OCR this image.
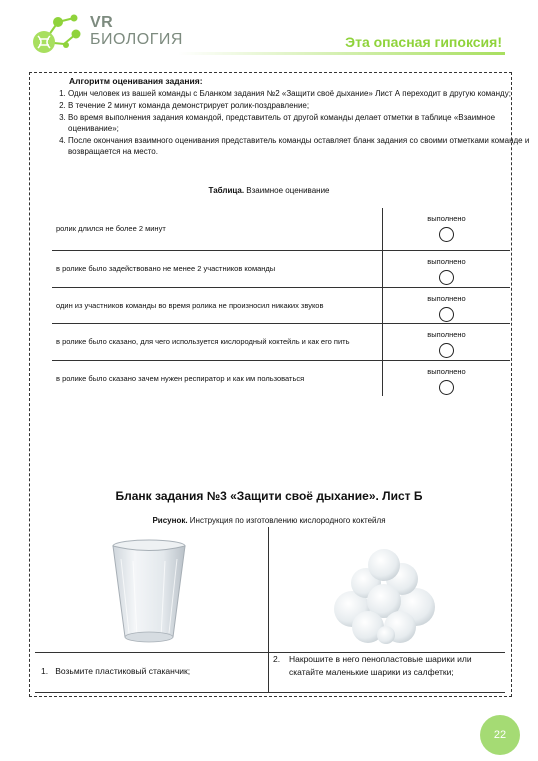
VR
БИОЛОГИЯ	Эта опасная гипоксия!
Алгоритм оценивания задания:
1. Один человек из вашей команды с Бланком задания №2 «Защити своё дыхание» Лист А переходит в другую команду;
2. В течение 2 минут команда демонстрирует ролик-поздравление;
3. Во время выполнения задания командой, представитель от другой команды делает отметки в таблице «Взаимное оценивание»;
4. После окончания взаимного оценивания представитель команды оставляет бланк задания со своими отметками команде и возвращается на место.
Таблица. Взаимное оценивание
ролик длился не более 2 минут	выполнено

в ролике было задействовано не менее 2 участников команды	выполнено

один из участников команды во время ролика не произносил никаких звуков	выполнено

в ролике было сказано, для чего используется кислородный коктейль и как его пить	выполнено

в ролике было сказано зачем нужен респиратор и как им пользоваться	выполнено
Бланк задания №3 «Защити своё дыхание». Лист Б
Рисунок. Инструкция по изготовлению кислородного коктейля
1. Возьмите пластиковый стаканчик;
2.	Накрошите в него пенопластовые шарики или скатайте маленькие шарики из салфетки;
22
